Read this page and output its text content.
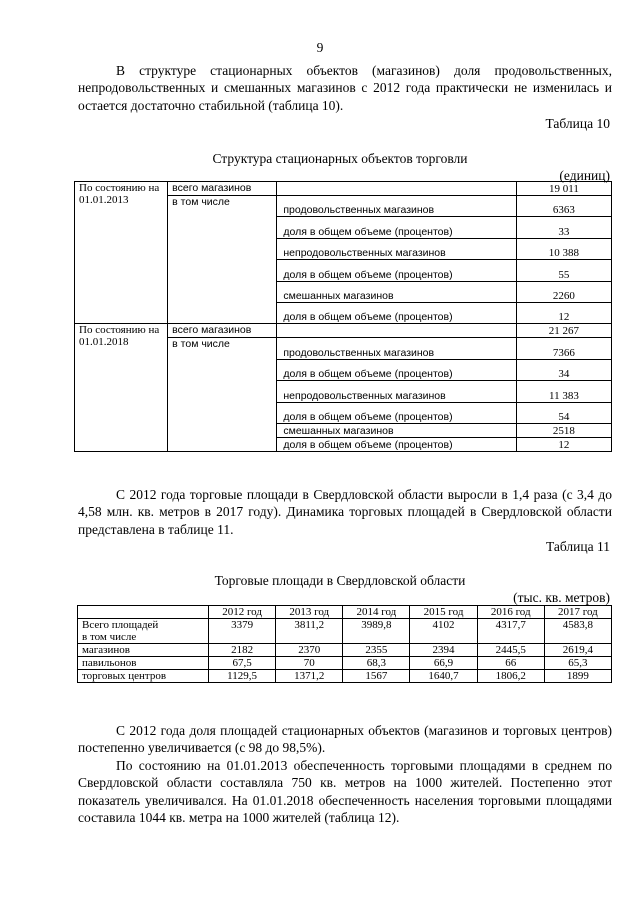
9

В структуре стационарных объектов (магазинов) доля продовольственных, непродовольственных и смешанных магазинов с 2012 года практически не изменилась и остается достаточно стабильной (таблица 10).

Таблица 10
Структура стационарных объектов торговли
(единиц)
По состоянию на 01.01.2013	всего магазинов		19 011
	в том числе	продовольственных магазинов	6363
		доля в общем объеме (процентов)	33
		непродовольственных магазинов	10 388
		доля в общем объеме (процентов)	55
		смешанных магазинов	2260
		доля в общем объеме (процентов)	12
По состоянию на 01.01.2018	всего магазинов		21 267
	в том числе	продовольственных магазинов	7366
		доля в общем объеме (процентов)	34
		непродовольственных магазинов	11 383
		доля в общем объеме (процентов)	54
		смешанных магазинов	2518
		доля в общем объеме (процентов)	12

С 2012 года торговые площади в Свердловской области выросли в 1,4 раза (с 3,4 до 4,58 млн. кв. метров в 2017 году). Динамика торговых площадей в Свердловской области представлена в таблице 11.

Таблица 11
Торговые площади в Свердловской области
(тыс. кв. метров)
	2012 год	2013 год	2014 год	2015 год	2016 год	2017 год
Всего площадей	3379	3811,2	3989,8	4102	4317,7	4583,8
в том числе						
магазинов	2182	2370	2355	2394	2445,5	2619,4
павильонов	67,5	70	68,3	66,9	66	65,3
торговых центров	1129,5	1371,2	1567	1640,7	1806,2	1899

С 2012 года доля площадей стационарных объектов (магазинов и торговых центров) постепенно увеличивается (с 98 до 98,5%).

По состоянию на 01.01.2013 обеспеченность торговыми площадями в среднем по Свердловской области составляла 750 кв. метров на 1000 жителей. Постепенно этот показатель увеличивался. На 01.01.2018 обеспеченность населения торговыми площадями составила 1044 кв. метра на 1000 жителей (таблица 12).
